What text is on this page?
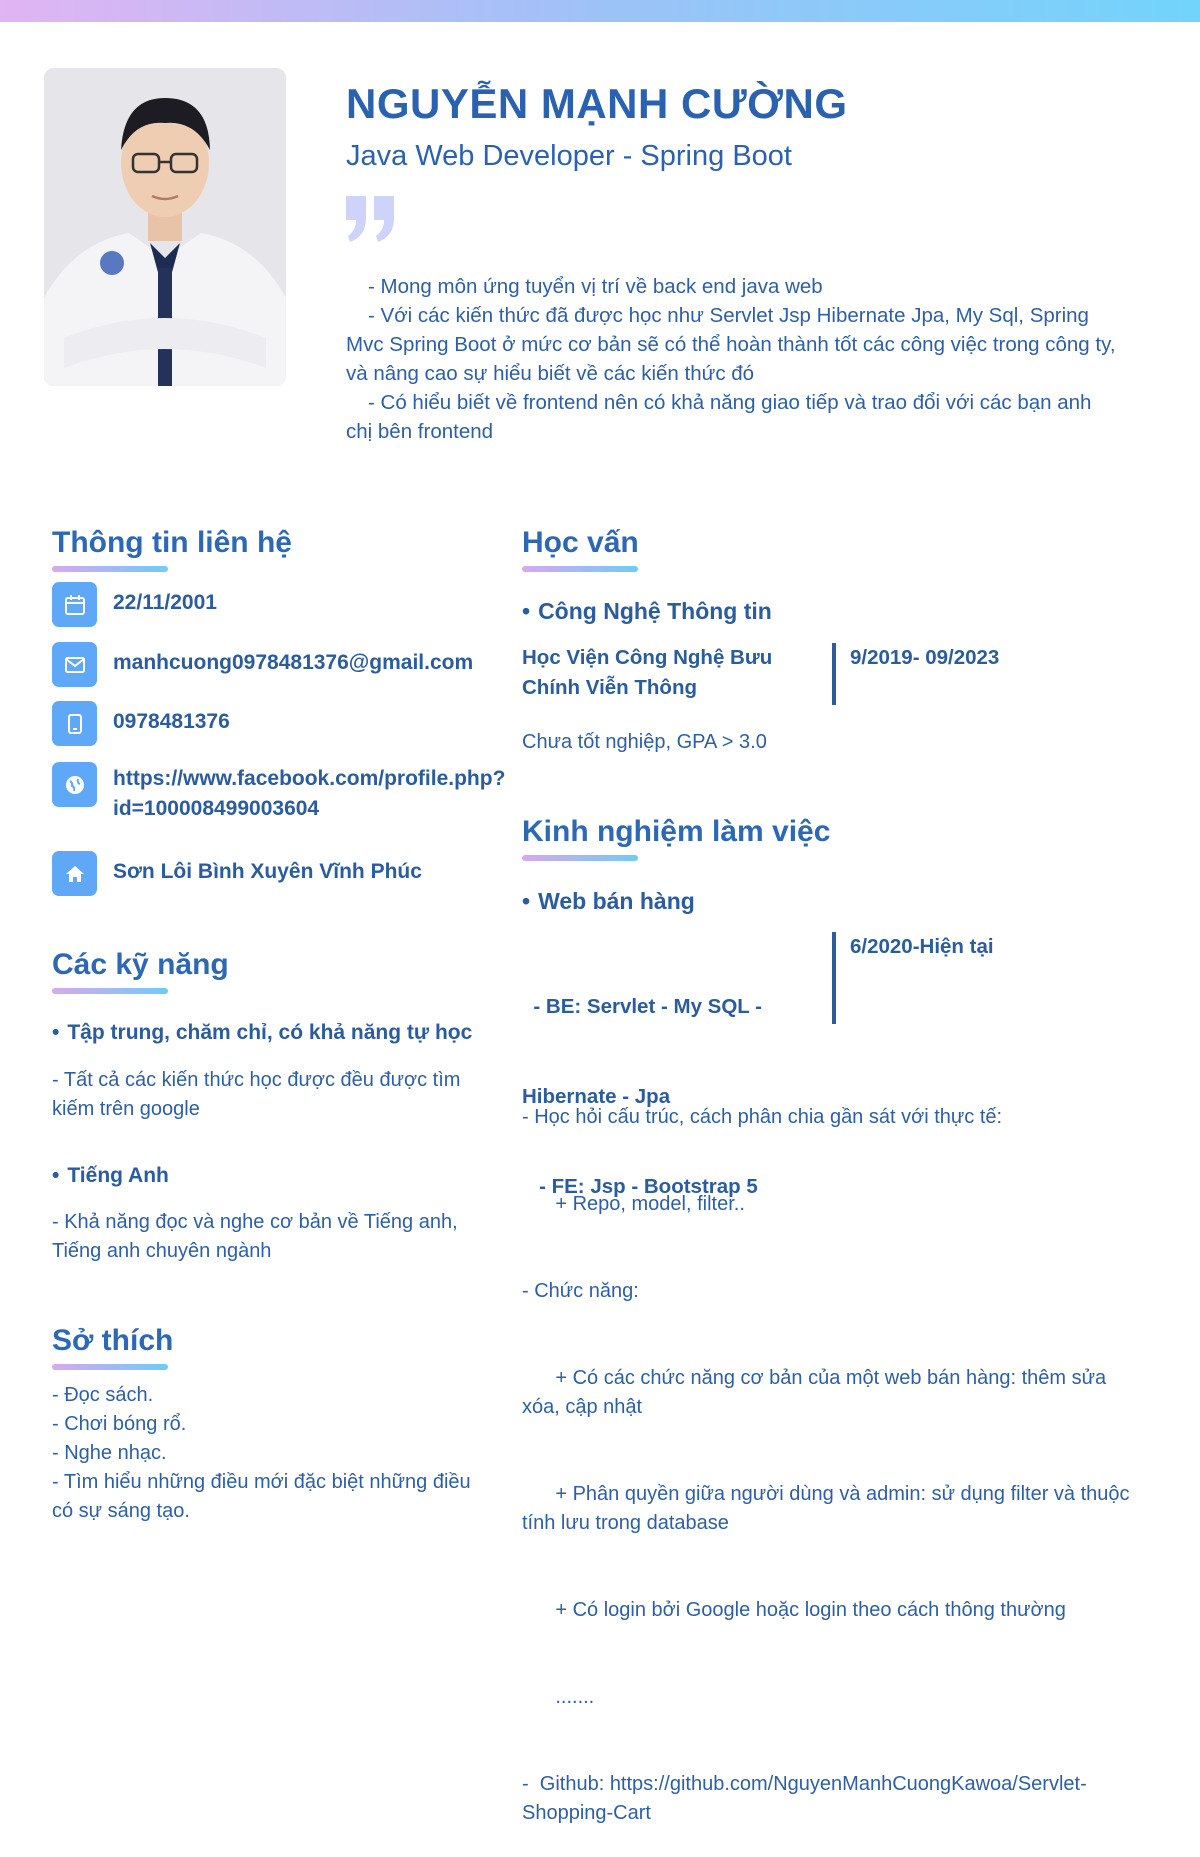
NGUYỄN MẠNH CƯỜNG
Java Web Developer - Spring Boot

- Mong môn ứng tuyển vị trí về back end java web

- Với các kiến thức đã được học như Servlet Jsp Hibernate Jpa, My Sql, Spring Mvc Spring Boot ở mức cơ bản sẽ có thể hoàn thành tốt các công việc trong công ty, và nâng cao sự hiểu biết về các kiến thức đó

- Có hiểu biết về frontend nên có khả năng giao tiếp và trao đổi với các bạn anh chị bên frontend

Thông tin liên hệ
22/11/2001
manhcuong0978481376@gmail.com
0978481376
https://www.facebook.com/profile.php?
id=100008499003604
Sơn Lôi Bình Xuyên Vĩnh Phúc
Các kỹ năng
• Tập trung, chăm chỉ, có khả năng tự học

- Tất cả các kiến thức học được đều được tìm kiếm trên google

• Tiếng Anh

- Khả năng đọc và nghe cơ bản về Tiếng anh, Tiếng anh chuyên ngành

Sở thích

- Đọc sách.

- Chơi bóng rổ.

- Nghe nhạc.

- Tìm hiểu những điều mới đặc biệt những điều có sự sáng tạo.

Học vấn
• Công Nghệ Thông tin

Học Viện Công Nghệ Bưu

Chính Viễn Thông

9/2019- 09/2023
Chưa tốt nghiệp, GPA > 3.0
Kinh nghiệm làm việc
• Web bán hàng

- BE: Servlet - My SQL -

Hibernate - Jpa

- FE: Jsp - Bootstrap 5

6/2020-Hiện tại

- Học hỏi cấu trúc, cách phân chia gần sát với thực tế:

+ Repo, model, filter..

- Chức năng:

+ Có các chức năng cơ bản của một web bán hàng: thêm sửa xóa, cập nhật

+ Phân quyền giữa người dùng và admin: sử dụng filter và thuộc tính lưu trong database

+ Có login bởi Google hoặc login theo cách thông thường

.......

-  Github: https://github.com/NguyenManhCuongKawoa/Servlet-Shopping-Cart
